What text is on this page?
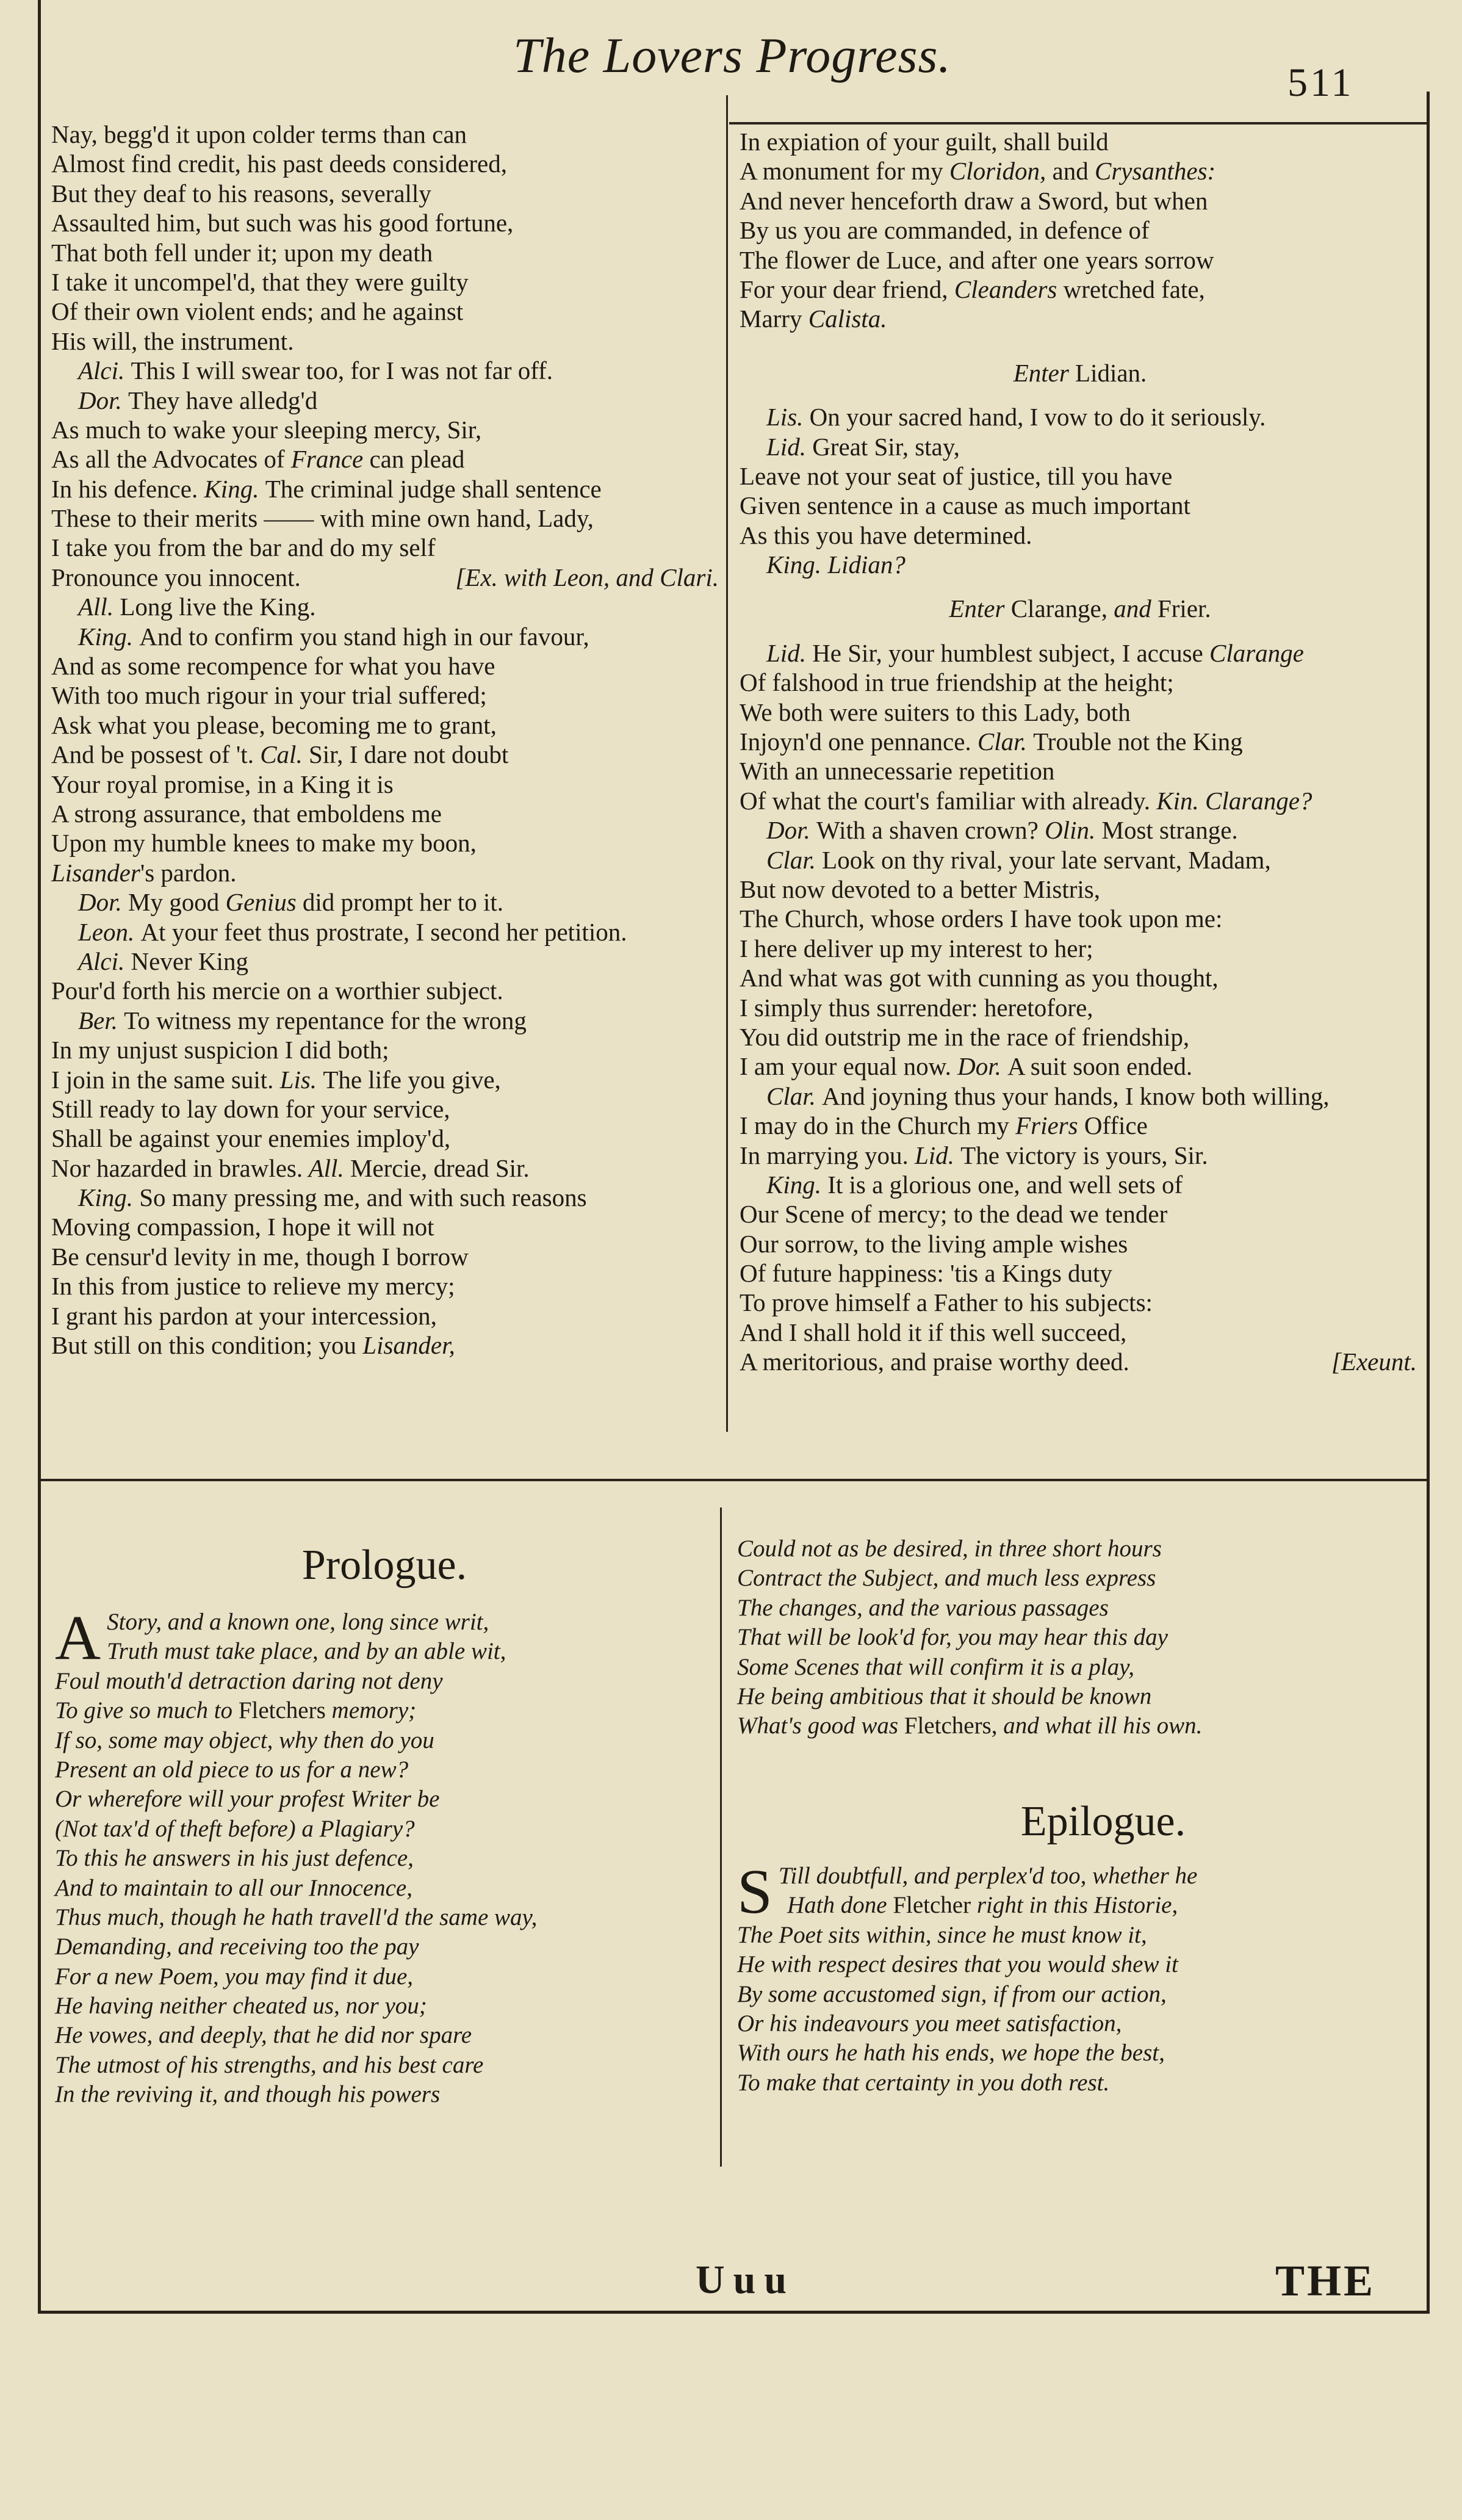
The Lovers Progress.	511
Nay, begg'd it upon colder terms than can
Almost find credit, his past deeds considered,
But they deaf to his reasons, severally
Assaulted him, but such was his good fortune,
That both fell under it; upon my death
I take it uncompel'd, that they were guilty
Of their own violent ends; and he against
His will, the instrument.
Alci. This I will swear too, for I was not far off.
Dor. They have alledg'd
As much to wake your sleeping mercy, Sir,
As all the Advocates of France can plead
In his defence. King. The criminal judge shall sentence
These to their merits —— with mine own hand, Lady,
I take you from the bar and do my self
Pronounce you innocent.	[Ex. with Leon, and Clari.
All. Long live the King.
King. And to confirm you stand high in our favour,
And as some recompence for what you have
With too much rigour in your trial suffered;
Ask what you please, becoming me to grant,
And be possest of 't. Cal. Sir, I dare not doubt
Your royal promise, in a King it is
A strong assurance, that emboldens me
Upon my humble knees to make my boon,
Lisander's pardon.
Dor. My good Genius did prompt her to it.
Leon. At your feet thus prostrate, I second her petition.
Alci. Never King
Pour'd forth his mercie on a worthier subject.
Ber. To witness my repentance for the wrong
In my unjust suspicion I did both;
I join in the same suit. Lis. The life you give,
Still ready to lay down for your service,
Shall be against your enemies imploy'd,
Nor hazarded in brawles. All. Mercie, dread Sir.
King. So many pressing me, and with such reasons
Moving compassion, I hope it will not
Be censur'd levity in me, though I borrow
In this from justice to relieve my mercy;
I grant his pardon at your intercession,
But still on this condition; you Lisander,
In expiation of your guilt, shall build
A monument for my Cloridon, and Crysanthes:
And never henceforth draw a Sword, but when
By us you are commanded, in defence of
The flower de Luce, and after one years sorrow
For your dear friend, Cleanders wretched fate,
Marry Calista.
Enter Lidian.
Lis. On your sacred hand, I vow to do it seriously.
Lid. Great Sir, stay,
Leave not your seat of justice, till you have
Given sentence in a cause as much important
As this you have determined.
King. Lidian?
Enter Clarange, and Frier.
Lid. He Sir, your humblest subject, I accuse Clarange
Of falshood in true friendship at the height;
We both were suiters to this Lady, both
Injoyn'd one pennance. Clar. Trouble not the King
With an unnecessarie repetition
Of what the court's familiar with already. Kin. Clarange?
Dor. With a shaven crown? Olin. Most strange.
Clar. Look on thy rival, your late servant, Madam,
But now devoted to a better Mistris,
The Church, whose orders I have took upon me:
I here deliver up my interest to her;
And what was got with cunning as you thought,
I simply thus surrender: heretofore,
You did outstrip me in the race of friendship,
I am your equal now. Dor. A suit soon ended.
Clar. And joyning thus your hands, I know both willing,
I may do in the Church my Friers Office
In marrying you. Lid. The victory is yours, Sir.
King. It is a glorious one, and well sets of
Our Scene of mercy; to the dead we tender
Our sorrow, to the living ample wishes
Of future happiness: 'tis a Kings duty
To prove himself a Father to his subjects:
And I shall hold it if this well succeed,
A meritorious, and praise worthy deed.	[Exeunt.
Prologue.
A Story, and a known one, long since writ,
Truth must take place, and by an able wit,
Foul mouth'd detraction daring not deny
To give so much to Fletchers memory;
If so, some may object, why then do you
Present an old piece to us for a new?
Or wherefore will your profest Writer be
(Not tax'd of theft before) a Plagiary?
To this he answers in his just defence,
And to maintain to all our Innocence,
Thus much, though he hath travell'd the same way,
Demanding, and receiving too the pay
For a new Poem, you may find it due,
He having neither cheated us, nor you;
He vowes, and deeply, that he did nor spare
The utmost of his strengths, and his best care
In the reviving it, and though his powers
Could not as be desired, in three short hours
Contract the Subject, and much less express
The changes, and the various passages
That will be look'd for, you may hear this day
Some Scenes that will confirm it is a play,
He being ambitious that it should be known
What's good was Fletchers, and what ill his own.
Epilogue.
S Till doubtfull, and perplex'd too, whether he
Hath done Fletcher right in this Historie,
The Poet sits within, since he must know it,
He with respect desires that you would shew it
By some accustomed sign, if from our action,
Or his indeavours you meet satisfaction,
With ours he hath his ends, we hope the best,
To make that certainty in you doth rest.
Uuu	THE
